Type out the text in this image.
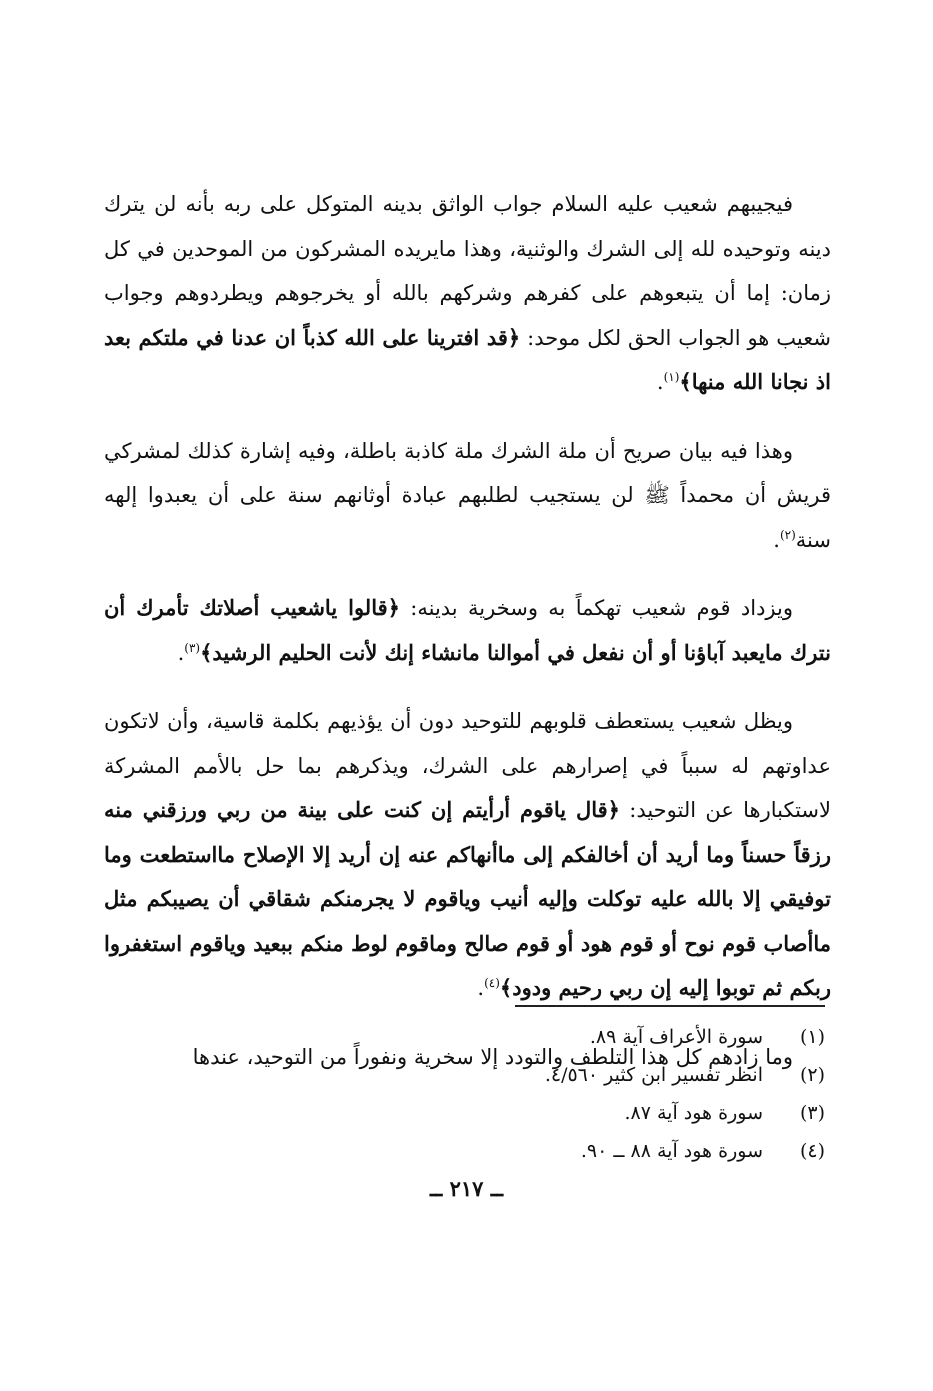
فيجيبهم شعيب عليه السلام جواب الواثق بدينه المتوكل على ربه بأنه لن يترك دينه وتوحيده لله إلى الشرك والوثنية، وهذا مايريده المشركون من الموحدين في كل زمان: إما أن يتبعوهم على كفرهم وشركهم بالله أو يخرجوهم ويطردوهم وجواب شعيب هو الجواب الحق لكل موحد: ﴿قد افترينا على الله كذباً ان عدنا في ملتكم بعد اذ نجانا الله منها﴾$^{(١)}$.

وهذا فيه بيان صريح أن ملة الشرك ملة كاذبة باطلة، وفيه إشارة كذلك لمشركي قريش أن محمداً ﷺ لن يستجيب لطلبهم عبادة أوثانهم سنة على أن يعبدوا إلهه سنة$^{(٢)}$.

ويزداد قوم شعيب تهكماً به وسخرية بدينه: ﴿قالوا ياشعيب أصلاتك تأمرك أن نترك مايعبد آباؤنا أو أن نفعل في أموالنا مانشاء إنك لأنت الحليم الرشيد﴾$^{(٣)}$.

ويظل شعيب يستعطف قلوبهم للتوحيد دون أن يؤذيهم بكلمة قاسية، وأن لاتكون عداوتهم له سبباً في إصرارهم على الشرك، ويذكرهم بما حل بالأمم المشركة لاستكبارها عن التوحيد: ﴿قال ياقوم أرأيتم إن كنت على بينة من ربي ورزقني منه رزقاً حسناً وما أريد أن أخالفكم إلى ماأنهاكم عنه إن أريد إلا الإصلاح مااستطعت وما توفيقي إلا بالله عليه توكلت وإليه أنيب وياقوم لا يجرمنكم شقاقي أن يصيبكم مثل ماأصاب قوم نوح أو قوم هود أو قوم صالح وماقوم لوط منكم ببعيد وياقوم استغفروا ربكم ثم توبوا إليه إن ربي رحيم ودود﴾$^{(٤)}$.

وما زادهم كل هذا التلطف والتودد إلا سخرية ونفوراً من التوحيد، عندها

(١)
سورة الأعراف آية ٨٩.
(٢)
انظر تفسير ابن كثير ٤/٥٦٠.
(٣)
سورة هود آية ٨٧.
(٤)
سورة هود آية ٨٨ ــ ٩٠.
ــ ٢١٧ ــ
